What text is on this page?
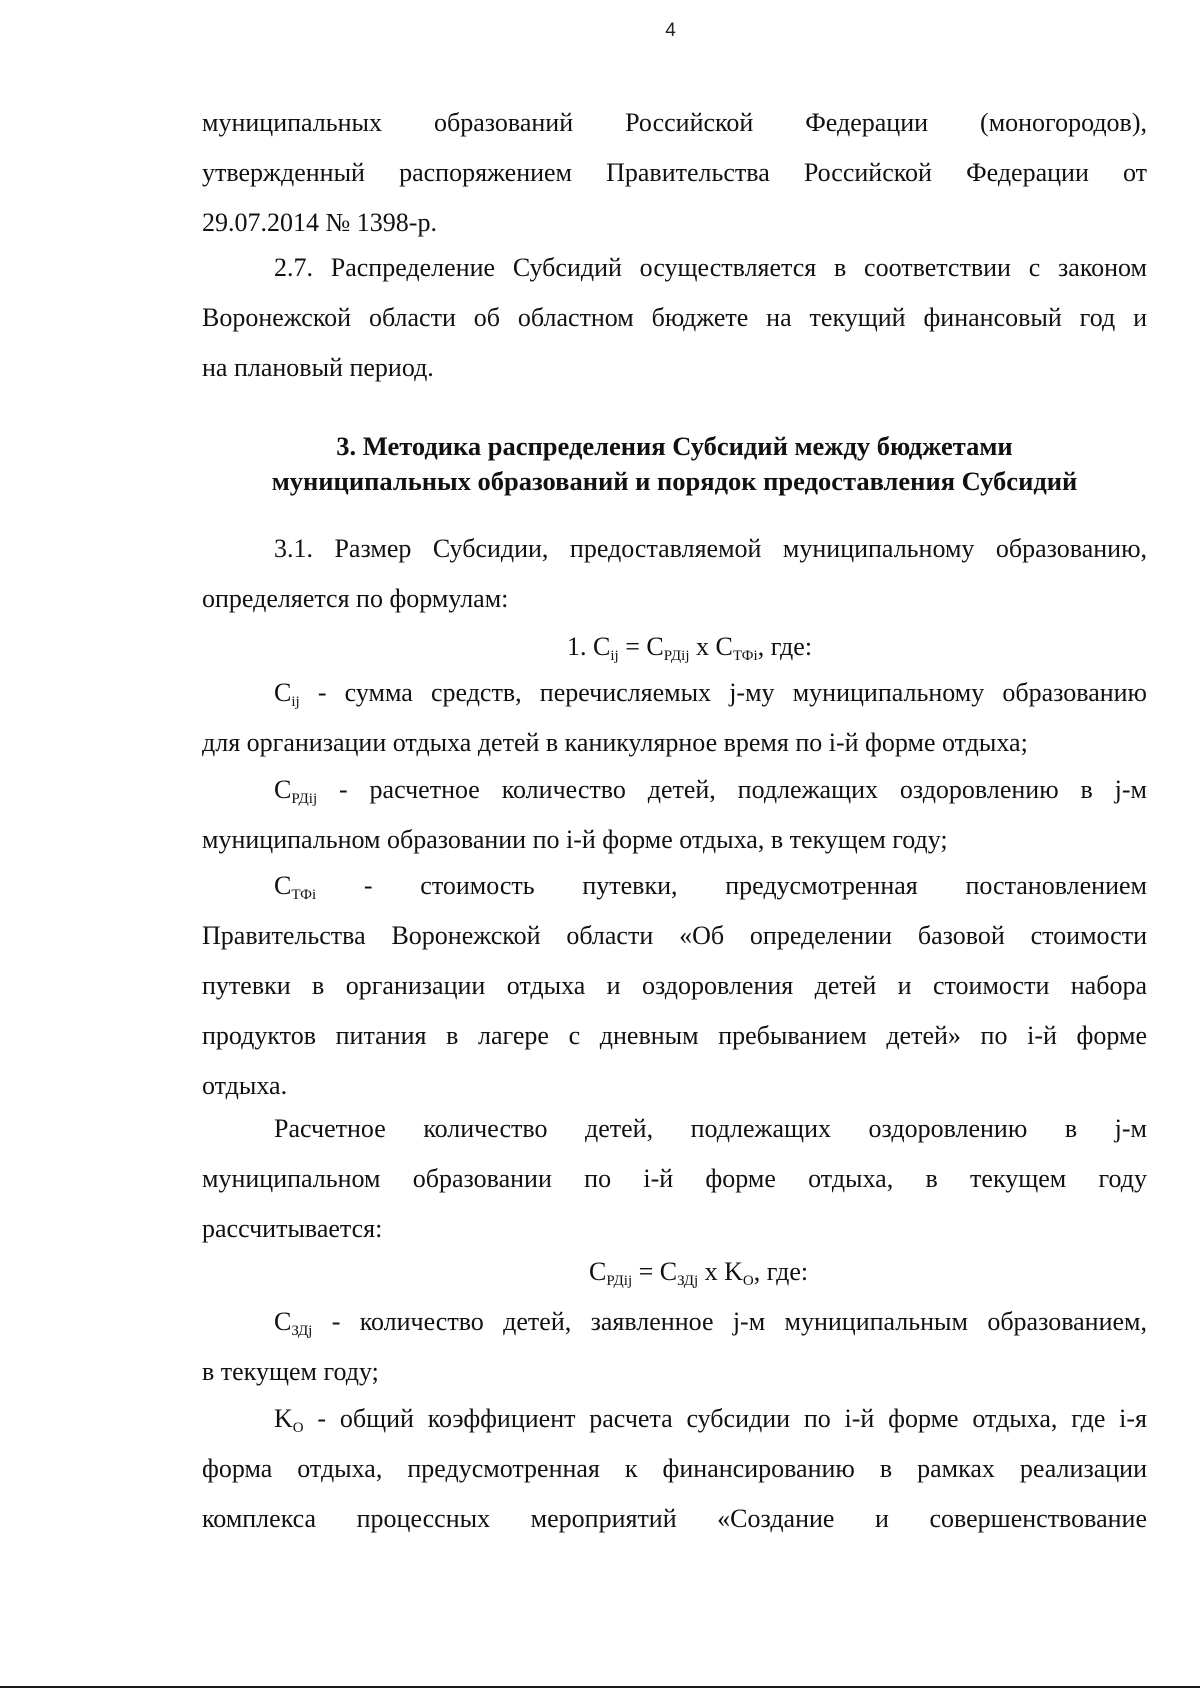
4
муниципальных образований Российской Федерации (моногородов),
утвержденный распоряжением Правительства Российской Федерации от
29.07.2014 № 1398-р.
2.7. Распределение Субсидий осуществляется в соответствии с законом
Воронежской области об областном бюджете на текущий финансовый год и
на плановый период.
3. Методика распределения Субсидий между бюджетами
муниципальных образований и порядок предоставления Субсидий
3.1. Размер Субсидии, предоставляемой муниципальному образованию,
определяется по формулам:
1. $C_{ij} = C_{РДij}$ x $C_{ТФi}$, где:
$C_{ij}$ - сумма средств, перечисляемых j-му муниципальному образованию
для организации отдыха детей в каникулярное время по i-й форме отдыха;
$C_{РДij}$ - расчетное количество детей, подлежащих оздоровлению в j-м
муниципальном образовании по i-й форме отдыха, в текущем году;
$C_{ТФi}$ - стоимость путевки, предусмотренная постановлением
Правительства Воронежской области «Об определении базовой стоимости
путевки в организации отдыха и оздоровления детей и стоимости набора
продуктов питания в лагере с дневным пребыванием детей» по i-й форме
отдыха.
Расчетное количество детей, подлежащих оздоровлению в j-м
муниципальном образовании по i-й форме отдыха, в текущем году
рассчитывается:
$C_{РДij} = C_{ЗДj}$ x $K_O$, где:
$C_{ЗДj}$ - количество детей, заявленное j-м муниципальным образованием,
в текущем году;
$K_O$ - общий коэффициент расчета субсидии по i-й форме отдыха, где i-я
форма отдыха, предусмотренная к финансированию в рамках реализации
комплекса процессных мероприятий «Создание и совершенствование
